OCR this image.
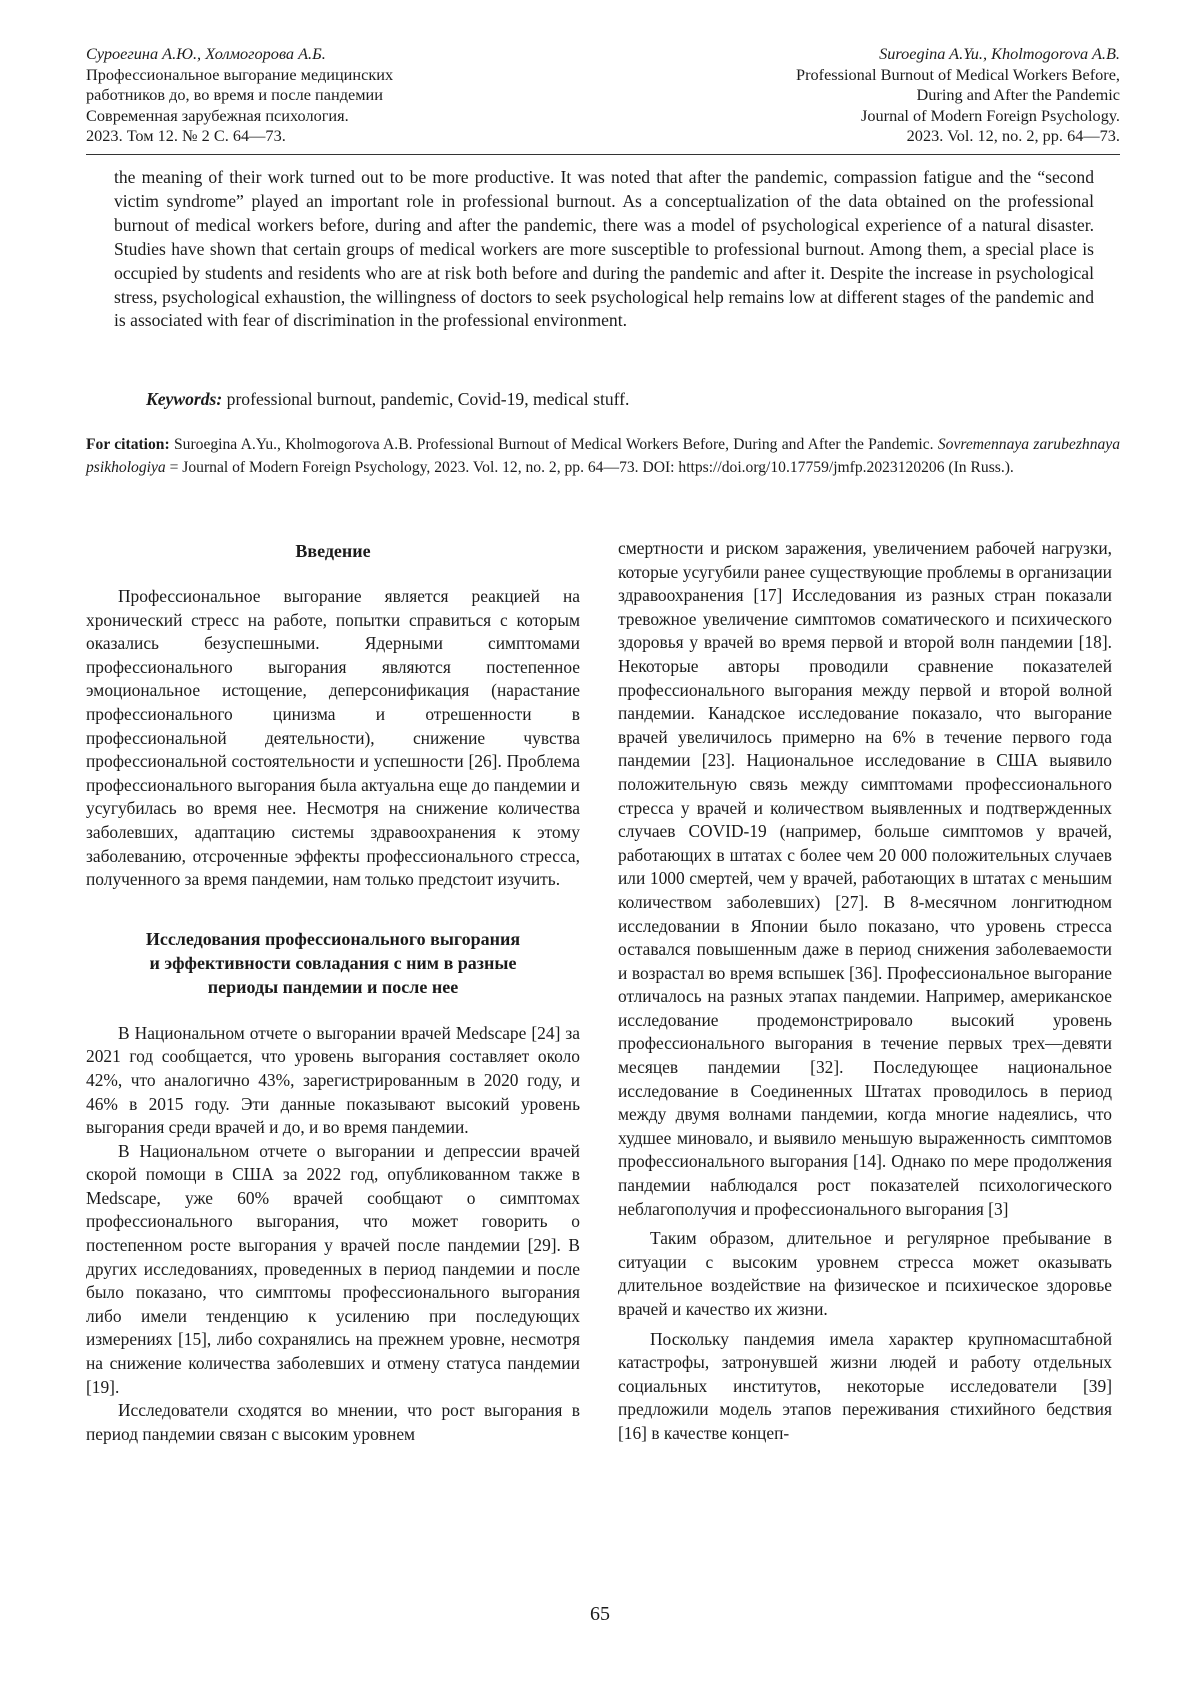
Суроегина А.Ю., Холмогорова А.Б.
Профессиональное выгорание медицинских
работников до, во время и после пандемии
Современная зарубежная психология.
2023. Том 12. № 2 С. 64—73.
Suroegina A.Yu., Kholmogorova A.B.
Professional Burnout of Medical Workers Before,
During and After the Pandemic
Journal of Modern Foreign Psychology.
2023. Vol. 12, no. 2, pp. 64—73.

the meaning of their work turned out to be more productive. It was noted that after the pandemic, compassion fatigue and the “second victim syndrome” played an important role in professional burnout. As a conceptualization of the data obtained on the professional burnout of medical workers before, during and after the pandemic, there was a model of psychological experience of a natural disaster. Studies have shown that certain groups of medical workers are more susceptible to professional burnout. Among them, a special place is occupied by students and residents who are at risk both before and during the pandemic and after it. Despite the increase in psychological stress, psychological exhaustion, the willingness of doctors to seek psychological help remains low at different stages of the pandemic and is associated with fear of discrimination in the professional environment.

Keywords: professional burnout, pandemic, Covid-19, medical stuff.
For citation: Suroegina A.Yu., Kholmogorova A.B. Professional Burnout of Medical Workers Before, During and After the Pandemic. Sovremennaya zarubezhnaya psikhologiya = Journal of Modern Foreign Psychology, 2023. Vol. 12, no. 2, pp. 64—73. DOI: https://doi.org/10.17759/jmfp.2023120206 (In Russ.).
Введение

Профессиональное выгорание является реакцией на хронический стресс на работе, попытки справиться с которым оказались безуспешными. Ядерными симптомами профессионального выгорания являются постепенное эмоциональное истощение, деперсонификация (нарастание профессионального цинизма и отрешенности в профессиональной деятельности), снижение чувства профессиональной состоятельности и успешности [26]. Проблема профессионального выгорания была актуальна еще до пандемии и усугубилась во время нее. Несмотря на снижение количества заболевших, адаптацию системы здравоохранения к этому заболеванию, отсроченные эффекты профессионального стресса, полученного за время пандемии, нам только предстоит изучить.

Исследования профессионального выгорания
и эффективности совладания с ним в разные
периоды пандемии и после нее

В Национальном отчете о выгорании врачей Medscape [24] за 2021 год сообщается, что уровень выгорания составляет около 42%, что аналогично 43%, зарегистрированным в 2020 году, и 46% в 2015 году. Эти данные показывают высокий уровень выгорания среди врачей и до, и во время пандемии.

В Национальном отчете о выгорании и депрессии врачей скорой помощи в США за 2022 год, опубликованном также в Medscape, уже 60% врачей сообщают о симптомах профессионального выгорания, что может говорить о постепенном росте выгорания у врачей после пандемии [29]. В других исследованиях, проведенных в период пандемии и после было показано, что симптомы профессионального выгорания либо имели тенденцию к усилению при последующих измерениях [15], либо сохранялись на прежнем уровне, несмотря на снижение количества заболевших и отмену статуса пандемии [19].

Исследователи сходятся во мнении, что рост выгорания в период пандемии связан с высоким уровнем

смертности и риском заражения, увеличением рабочей нагрузки, которые усугубили ранее существующие проблемы в организации здравоохранения [17] Исследования из разных стран показали тревожное увеличение симптомов соматического и психического здоровья у врачей во время первой и второй волн пандемии [18]. Некоторые авторы проводили сравнение показателей профессионального выгорания между первой и второй волной пандемии. Канадское исследование показало, что выгорание врачей увеличилось примерно на 6% в течение первого года пандемии [23]. Национальное исследование в США выявило положительную связь между симптомами профессионального стресса у врачей и количеством выявленных и подтвержденных случаев COVID-19 (например, больше симптомов у врачей, работающих в штатах с более чем 20 000 положительных случаев или 1000 смертей, чем у врачей, работающих в штатах с меньшим количеством заболевших) [27]. В 8-месячном лонгитюдном исследовании в Японии было показано, что уровень стресса оставался повышенным даже в период снижения заболеваемости и возрастал во время вспышек [36]. Профессиональное выгорание отличалось на разных этапах пандемии. Например, американское исследование продемонстрировало высокий уровень профессионального выгорания в течение первых трех—девяти месяцев пандемии [32]. Последующее национальное исследование в Соединенных Штатах проводилось в период между двумя волнами пандемии, когда многие надеялись, что худшее миновало, и выявило меньшую выраженность симптомов профессионального выгорания [14]. Однако по мере продолжения пандемии наблюдался рост показателей психологического неблагополучия и профессионального выгорания [3]

Таким образом, длительное и регулярное пребывание в ситуации с высоким уровнем стресса может оказывать длительное воздействие на физическое и психическое здоровье врачей и качество их жизни.

Поскольку пандемия имела характер крупномасштабной катастрофы, затронувшей жизни людей и работу отдельных социальных институтов, некоторые исследователи [39] предложили модель этапов переживания стихийного бедствия [16] в качестве концеп-

65
